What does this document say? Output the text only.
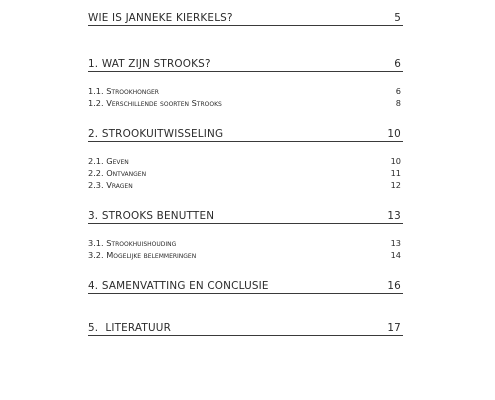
WIE IS JANNEKE KIERKELS?	5
1. WAT ZIJN STROOKS?	6
1.1. Strookhonger	6
1.2. Verschillende soorten Strooks	8
2. STROOKUITWISSELING	10
2.1. Geven	10
2.2. Ontvangen	11
2.3. Vragen	12
3. STROOKS BENUTTEN	13
3.1. Strookhuishouding	13
3.2. Mogelijke belemmeringen	14
4. SAMENVATTING EN CONCLUSIE	16
5. LITERATUUR	17
